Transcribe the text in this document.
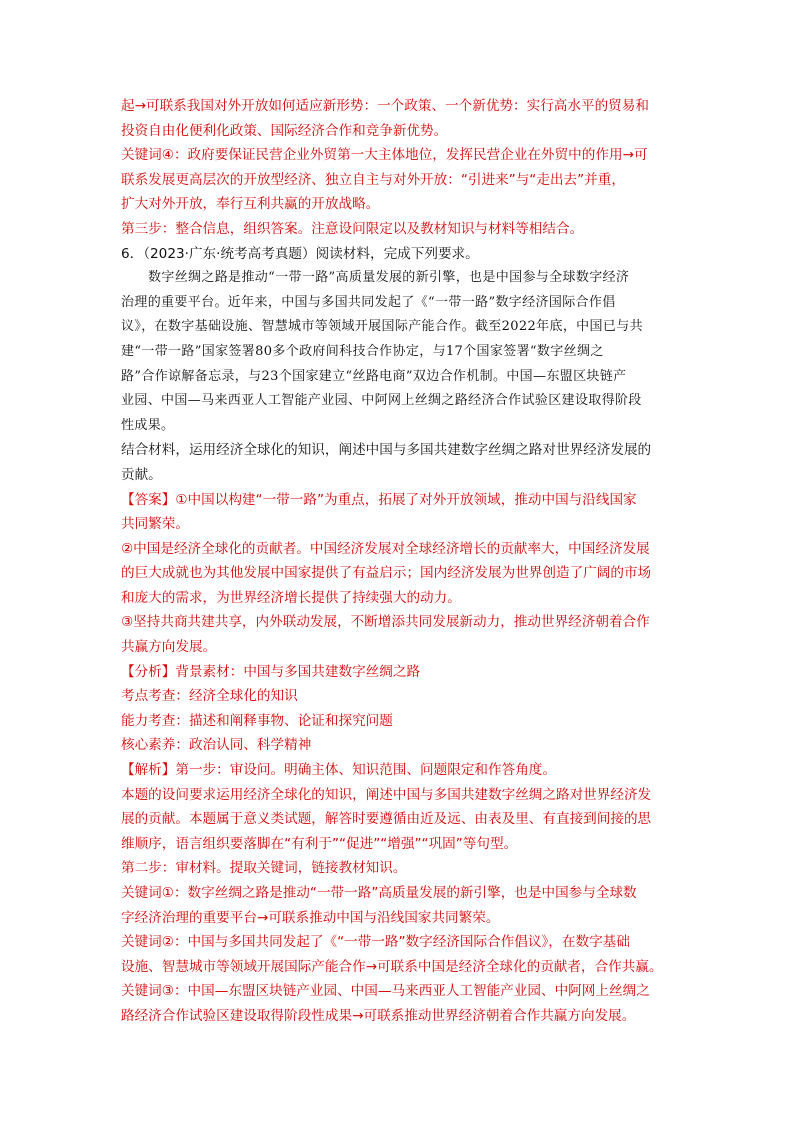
起→可联系我国对外开放如何适应新形势：一个政策、一个新优势：实行高水平的贸易和
投资自由化便利化政策、国际经济合作和竞争新优势。
关键词④：政府要保证民营企业外贸第一大主体地位，发挥民营企业在外贸中的作用→可
联系发展更高层次的开放型经济、独立自主与对外开放：“引进来”与“走出去”并重，
扩大对外开放，奉行互利共赢的开放战略。
第三步：整合信息，组织答案。注意设问限定以及教材知识与材料等相结合。
6．（2023·广东·统考高考真题）阅读材料，完成下列要求。
数字丝绸之路是推动“一带一路”高质量发展的新引擎，也是中国参与全球数字经济
治理的重要平台。近年来，中国与多国共同发起了《“一带一路”数字经济国际合作倡
议》，在数字基础设施、智慧城市等领域开展国际产能合作。截至2022年底，中国已与共
建“一带一路”国家签署80多个政府间科技合作协定，与17个国家签署“数字丝绸之
路”合作谅解备忘录，与23个国家建立“丝路电商”双边合作机制。中国—东盟区块链产
业园、中国—马来西亚人工智能产业园、中阿网上丝绸之路经济合作试验区建设取得阶段
性成果。
结合材料，运用经济全球化的知识，阐述中国与多国共建数字丝绸之路对世界经济发展的
贡献。
【答案】①中国以构建“一带一路”为重点，拓展了对外开放领域，推动中国与沿线国家
共同繁荣。
②中国是经济全球化的贡献者。中国经济发展对全球经济增长的贡献率大，中国经济发展
的巨大成就也为其他发展中国家提供了有益启示；国内经济发展为世界创造了广阔的市场
和庞大的需求，为世界经济增长提供了持续强大的动力。
③坚持共商共建共享，内外联动发展，不断增添共同发展新动力，推动世界经济朝着合作
共赢方向发展。
【分析】背景素材：中国与多国共建数字丝绸之路
考点考查：经济全球化的知识
能力考查：描述和阐释事物、论证和探究问题
核心素养：政治认同、科学精神
【解析】第一步：审设问。明确主体、知识范围、问题限定和作答角度。
本题的设问要求运用经济全球化的知识，阐述中国与多国共建数字丝绸之路对世界经济发
展的贡献。本题属于意义类试题，解答时要遵循由近及远、由表及里、有直接到间接的思
维顺序，语言组织要落脚在“有利于”“促进”“增强”“巩固”等句型。
第二步：审材料。提取关键词，链接教材知识。
关键词①：数字丝绸之路是推动“一带一路”高质量发展的新引擎，也是中国参与全球数
字经济治理的重要平台→可联系推动中国与沿线国家共同繁荣。
关键词②：中国与多国共同发起了《“一带一路”数字经济国际合作倡议》，在数字基础
设施、智慧城市等领域开展国际产能合作→可联系中国是经济全球化的贡献者，合作共赢。
关键词③：中国—东盟区块链产业园、中国—马来西亚人工智能产业园、中阿网上丝绸之
路经济合作试验区建设取得阶段性成果→可联系推动世界经济朝着合作共赢方向发展。
